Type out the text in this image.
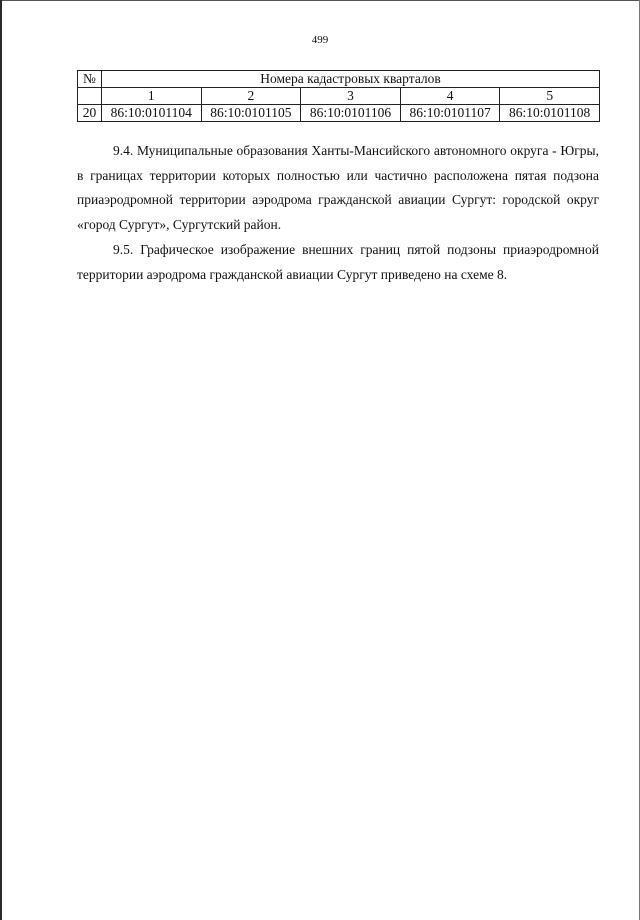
499
№	Номера кадастровых кварталов				
	1	2	3	4	5
20	86:10:0101104	86:10:0101105	86:10:0101106	86:10:0101107	86:10:0101108

9.4. Муниципальные образования Ханты-Мансийского автономного округа - Югры, в границах территории которых полностью или частично расположена пятая подзона приаэродромной территории аэродрома гражданской авиации Сургут: городской округ «город Сургут», Сургутский район.

9.5. Графическое изображение внешних границ пятой подзоны приаэродромной территории аэродрома гражданской авиации Сургут приведено на схеме 8.
